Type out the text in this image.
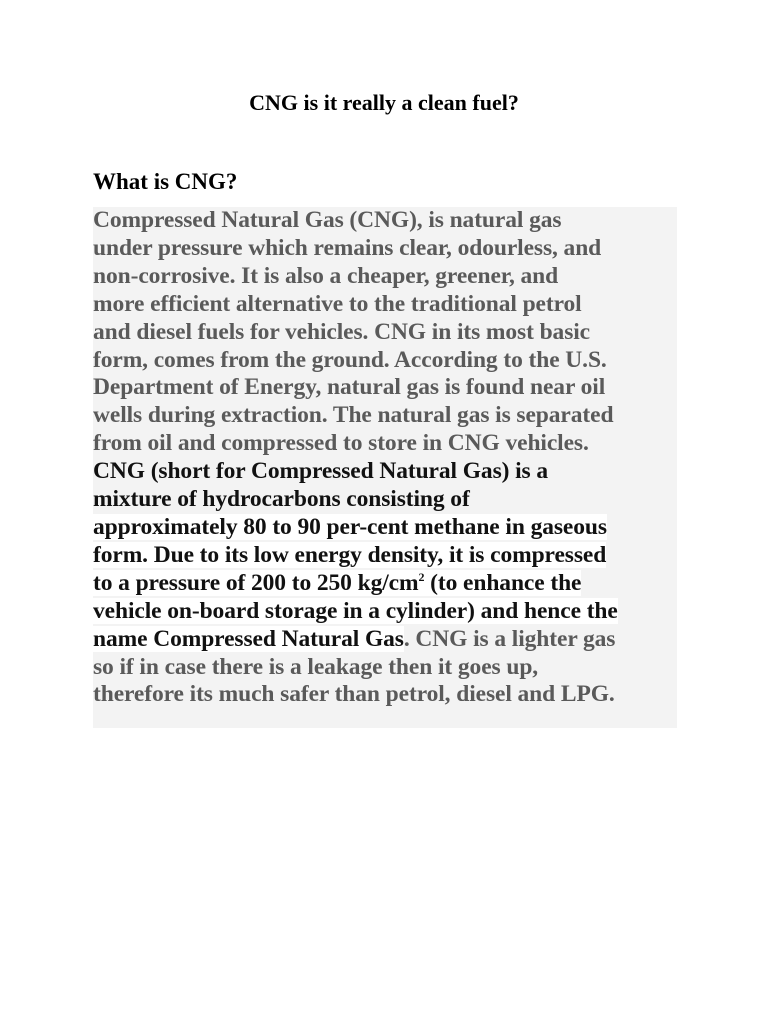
CNG is it really a clean fuel?
What is CNG?

Compressed Natural Gas (CNG), is natural gas
under pressure which remains clear, odourless, and
non-corrosive. It is also a cheaper, greener, and
more efficient alternative to the traditional petrol
and diesel fuels for vehicles. CNG in its most basic
form, comes from the ground. According to the U.S.
Department of Energy, natural gas is found near oil
wells during extraction. The natural gas is separated
from oil and compressed to store in CNG vehicles.
CNG (short for Compressed Natural Gas) is a
mixture of hydrocarbons consisting of
approximately 80 to 90 per-cent methane in gaseous
form. Due to its low energy density, it is compressed
to a pressure of 200 to 250 $kg/cm^2$ (to enhance the
vehicle on-board storage in a cylinder) and hence the
name Compressed Natural Gas. CNG is a lighter gas
so if in case there is a leakage then it goes up,
therefore its much safer than petrol, diesel and LPG.
